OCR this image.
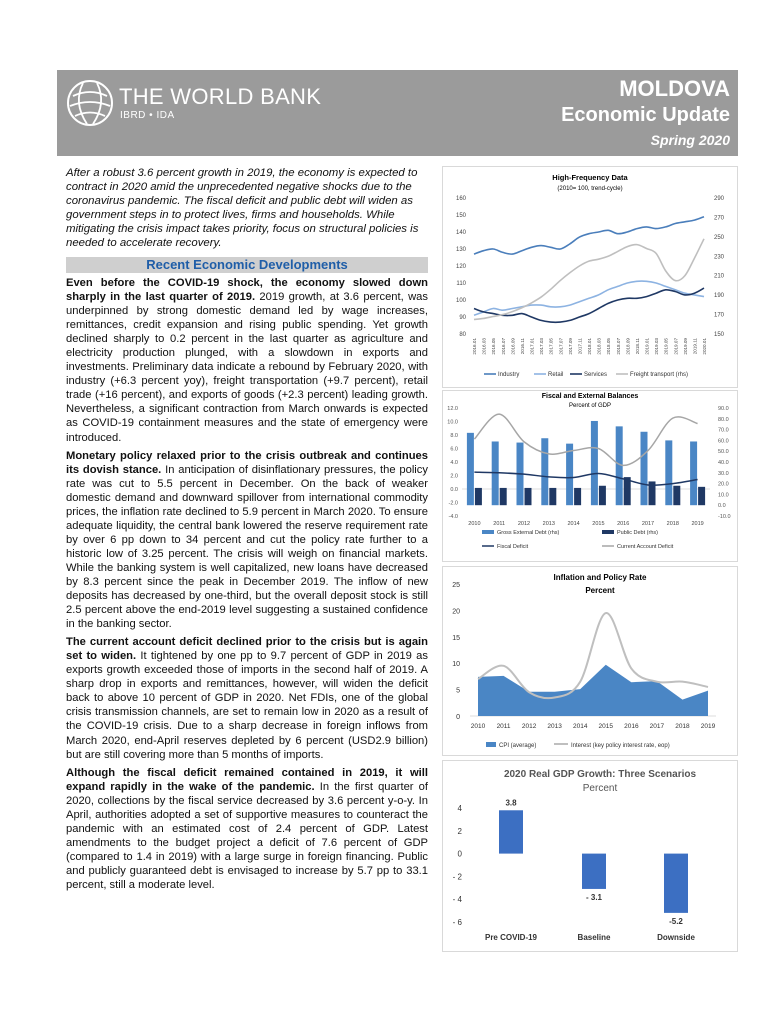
THE WORLD BANK
IBRD • IDA
MOLDOVA
Economic Update
Spring 2020
After a robust 3.6 percent growth in 2019, the economy is expected to contract in 2020 amid the unprecedented negative shocks due to the coronavirus pandemic. The fiscal deficit and public debt will widen as government steps in to protect lives, firms and households. While mitigating the crisis impact takes priority, focus on structural policies is needed to accelerate recovery.
Recent Economic Developments

Even before the COVID-19 shock, the economy slowed down sharply in the last quarter of 2019. 2019 growth, at 3.6 percent, was underpinned by strong domestic demand led by wage increases, remittances, credit expansion and rising public spending. Yet growth declined sharply to 0.2 percent in the last quarter as agriculture and electricity production plunged, with a slowdown in exports and investments. Preliminary data indicate a rebound by February 2020, with industry (+6.3 percent yoy), freight transportation (+9.7 percent), retail trade (+16 percent), and exports of goods (+2.3 percent) leading growth. Nevertheless, a significant contraction from March onwards is expected as COVID-19 containment measures and the state of emergency were introduced.

Monetary policy relaxed prior to the crisis outbreak and continues its dovish stance. In anticipation of disinflationary pressures, the policy rate was cut to 5.5 percent in December. On the back of weaker domestic demand and downward spillover from international commodity prices, the inflation rate declined to 5.9 percent in March 2020. To ensure adequate liquidity, the central bank lowered the reserve requirement rate by over 6 pp down to 34 percent and cut the policy rate further to a historic low of 3.25 percent. The crisis will weigh on financial markets. While the banking system is well capitalized, new loans have decreased by 8.3 percent since the peak in December 2019. The inflow of new deposits has decreased by one-third, but the overall deposit stock is still 2.5 percent above the end-2019 level suggesting a sustained confidence in the banking sector.

The current account deficit declined prior to the crisis but is again set to widen. It tightened by one pp to 9.7 percent of GDP in 2019 as exports growth exceeded those of imports in the second half of 2019. A sharp drop in exports and remittances, however, will widen the deficit back to above 10 percent of GDP in 2020. Net FDIs, one of the global crisis transmission channels, are set to remain low in 2020 as a result of the COVID-19 crisis. Due to a sharp decrease in foreign inflows from March 2020, end-April reserves depleted by 6 percent (USD2.9 billion) but are still covering more than 5 months of imports.

Although the fiscal deficit remained contained in 2019, it will expand rapidly in the wake of the pandemic. In the first quarter of 2020, collections by the fiscal service decreased by 3.6 percent y-o-y. In April, authorities adopted a set of supportive measures to counteract the pandemic with an estimated cost of 2.4 percent of GDP. Latest amendments to the budget project a deficit of 7.6 percent of GDP (compared to 1.4 in 2019) with a large surge in foreign financing. Public and publicly guaranteed debt is envisaged to increase by 5.7 pp to 33.1 percent, still a moderate level.

High-Frequency Data
(2010= 100, trend-cycle)
80
90
100
110
120
130
140
150
160
150
170
190
210
230
250
270
290
2016.01 2016.03 2016.05 2016.07 2016.09 2016.11 2017.01 2017.03 2017.05 2017.07 2017.09 2017.11 2018.01 2018.03 2018.05 2018.07 2018.09 2018.11 2019.01 2019.03 2019.05 2019.07 2019.09 2019.11 2020.01
Industry	Retail	Services	Freight transport (rhs)
Fiscal and External Balances
Percent of GDP
-4.0
-2.0
0.0
2.0
4.0
6.0
8.0
10.0
12.0
-10.0
0.0
10.0
20.0
30.0
40.0
50.0
60.0
70.0
80.0
90.0
2010 2011 2012 2013 2014 2015 2016 2017 2018 2019
Gross External Debt (rhs)	Public Debt (rhs)
Fiscal Deficit	Current Account Deficit
Inflation and Policy Rate
Percent
0
5
10
15
20
25
2010 2011 2012 2013 2014 2015 2016 2017 2018 2019
CPI (average)	Interest (key policy interest rate, eop)
2020 Real GDP Growth: Three Scenarios
Percent
4
2
0
- 2
- 4
- 6
3.8
Pre COVID-19
- 3.1
Baseline
-5.2
Downside
